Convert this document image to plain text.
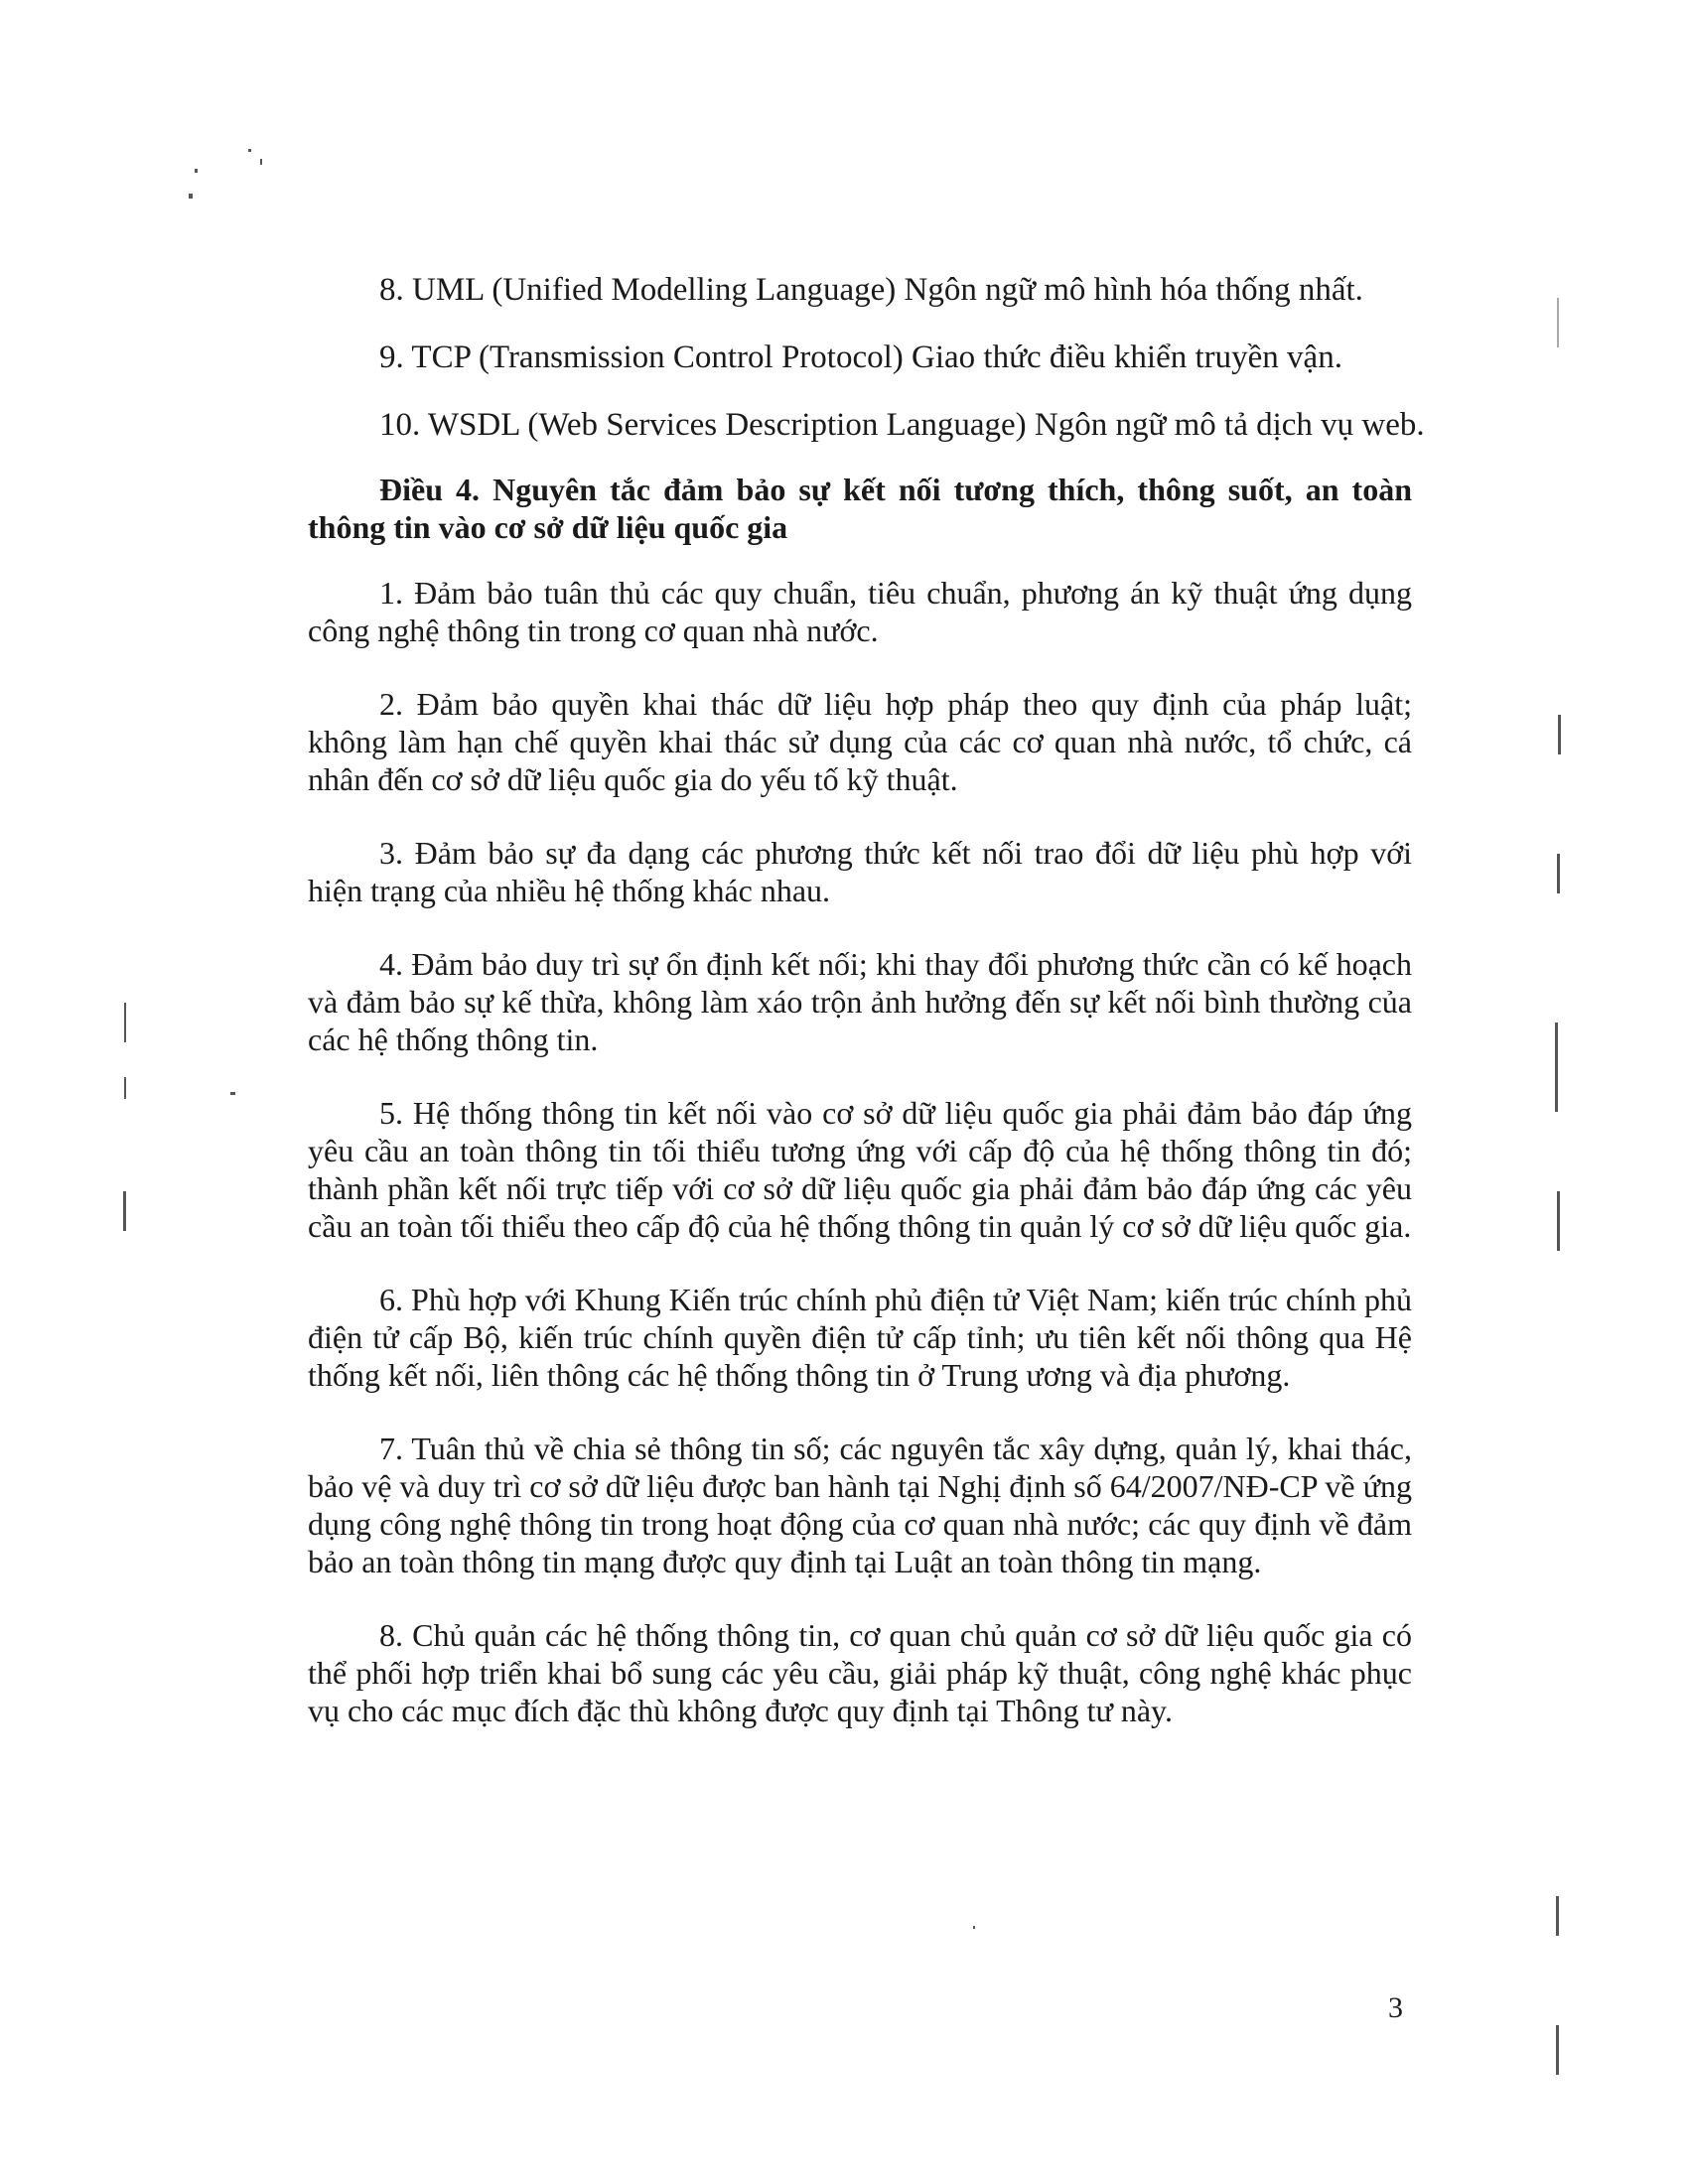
8. UML (Unified Modelling Language) Ngôn ngữ mô hình hóa thống nhất.
9. TCP (Transmission Control Protocol) Giao thức điều khiển truyền vận.
10. WSDL (Web Services Description Language) Ngôn ngữ mô tả dịch vụ web.
Điều 4. Nguyên tắc đảm bảo sự kết nối tương thích, thông suốt, an toàn thông tin vào cơ sở dữ liệu quốc gia

1. Đảm bảo tuân thủ các quy chuẩn, tiêu chuẩn, phương án kỹ thuật ứng dụng công nghệ thông tin trong cơ quan nhà nước.

2. Đảm bảo quyền khai thác dữ liệu hợp pháp theo quy định của pháp luật; không làm hạn chế quyền khai thác sử dụng của các cơ quan nhà nước, tổ chức, cá nhân đến cơ sở dữ liệu quốc gia do yếu tố kỹ thuật.

3. Đảm bảo sự đa dạng các phương thức kết nối trao đổi dữ liệu phù hợp với hiện trạng của nhiều hệ thống khác nhau.

4. Đảm bảo duy trì sự ổn định kết nối; khi thay đổi phương thức cần có kế hoạch và đảm bảo sự kế thừa, không làm xáo trộn ảnh hưởng đến sự kết nối bình thường của các hệ thống thông tin.

5. Hệ thống thông tin kết nối vào cơ sở dữ liệu quốc gia phải đảm bảo đáp ứng yêu cầu an toàn thông tin tối thiểu tương ứng với cấp độ của hệ thống thông tin đó; thành phần kết nối trực tiếp với cơ sở dữ liệu quốc gia phải đảm bảo đáp ứng các yêu cầu an toàn tối thiểu theo cấp độ của hệ thống thông tin quản lý cơ sở dữ liệu quốc gia.

6. Phù hợp với Khung Kiến trúc chính phủ điện tử Việt Nam; kiến trúc chính phủ điện tử cấp Bộ, kiến trúc chính quyền điện tử cấp tỉnh; ưu tiên kết nối thông qua Hệ thống kết nối, liên thông các hệ thống thông tin ở Trung ương và địa phương.

7. Tuân thủ về chia sẻ thông tin số; các nguyên tắc xây dựng, quản lý, khai thác, bảo vệ và duy trì cơ sở dữ liệu được ban hành tại Nghị định số 64/2007/NĐ-CP về ứng dụng công nghệ thông tin trong hoạt động của cơ quan nhà nước; các quy định về đảm bảo an toàn thông tin mạng được quy định tại Luật an toàn thông tin mạng.

8. Chủ quản các hệ thống thông tin, cơ quan chủ quản cơ sở dữ liệu quốc gia có thể phối hợp triển khai bổ sung các yêu cầu, giải pháp kỹ thuật, công nghệ khác phục vụ cho các mục đích đặc thù không được quy định tại Thông tư này.

3
